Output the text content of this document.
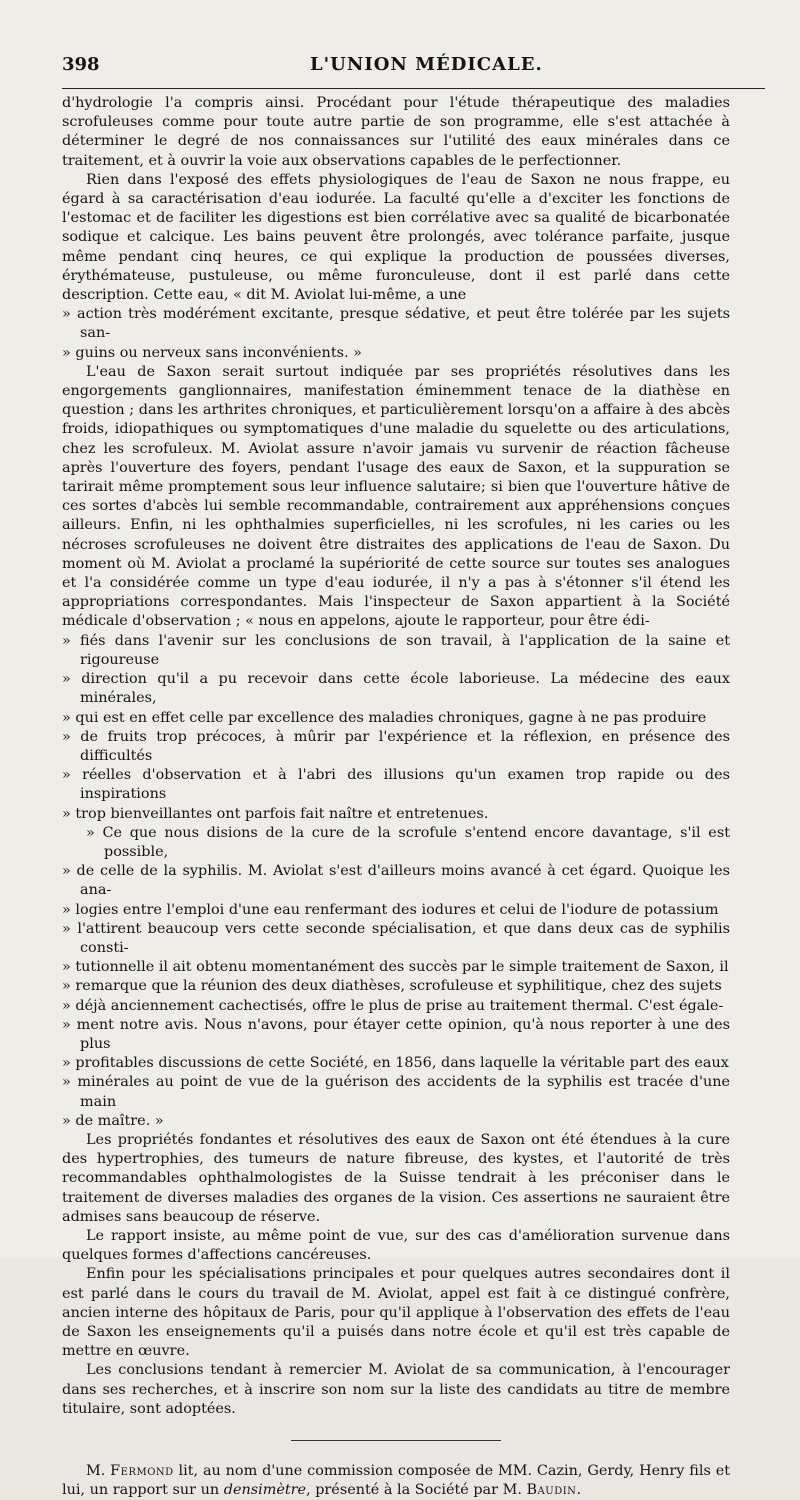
398	L'UNION MÉDICALE.

d'hydrologie l'a compris ainsi. Procédant pour l'étude thérapeutique des maladies scrofuleuses comme pour toute autre partie de son programme, elle s'est attachée à déterminer le degré de nos connaissances sur l'utilité des eaux minérales dans ce traitement, et à ouvrir la voie aux observations capables de le perfectionner.

Rien dans l'exposé des effets physiologiques de l'eau de Saxon ne nous frappe, eu égard à sa caractérisation d'eau iodurée. La faculté qu'elle a d'exciter les fonctions de l'estomac et de faciliter les digestions est bien corrélative avec sa qualité de bicarbonatée sodique et calcique. Les bains peuvent être prolongés, avec tolérance parfaite, jusque même pendant cinq heures, ce qui explique la production de poussées diverses, érythémateuse, pustuleuse, ou même furonculeuse, dont il est parlé dans cette description. Cette eau, « dit M. Aviolat lui-même, a une

» action très modérément excitante, presque sédative, et peut être tolérée par les sujets san-

» guins ou nerveux sans inconvénients. »

L'eau de Saxon serait surtout indiquée par ses propriétés résolutives dans les engorgements ganglionnaires, manifestation éminemment tenace de la diathèse en question ; dans les arthrites chroniques, et particulièrement lorsqu'on a affaire à des abcès froids, idiopathiques ou symptomatiques d'une maladie du squelette ou des articulations, chez les scrofuleux. M. Aviolat assure n'avoir jamais vu survenir de réaction fâcheuse après l'ouverture des foyers, pendant l'usage des eaux de Saxon, et la suppuration se tarirait même promptement sous leur influence salutaire; si bien que l'ouverture hâtive de ces sortes d'abcès lui semble recommandable, contrairement aux appréhensions conçues ailleurs. Enfin, ni les ophthalmies superficielles, ni les scrofules, ni les caries ou les nécroses scrofuleuses ne doivent être distraites des applications de l'eau de Saxon. Du moment où M. Aviolat a proclamé la supériorité de cette source sur toutes ses analogues et l'a considérée comme un type d'eau iodurée, il n'y a pas à s'étonner s'il étend les appropriations correspondantes. Mais l'inspecteur de Saxon appartient à la Société médicale d'observation ; « nous en appelons, ajoute le rapporteur, pour être édi-

» fiés dans l'avenir sur les conclusions de son travail, à l'application de la saine et rigoureuse

» direction qu'il a pu recevoir dans cette école laborieuse. La médecine des eaux minérales,

» qui est en effet celle par excellence des maladies chroniques, gagne à ne pas produire

» de fruits trop précoces, à mûrir par l'expérience et la réflexion, en présence des difficultés

» réelles d'observation et à l'abri des illusions qu'un examen trop rapide ou des inspirations

» trop bienveillantes ont parfois fait naître et entretenues.

» Ce que nous disions de la cure de la scrofule s'entend encore davantage, s'il est possible,

» de celle de la syphilis. M. Aviolat s'est d'ailleurs moins avancé à cet égard. Quoique les ana-

» logies entre l'emploi d'une eau renfermant des iodures et celui de l'iodure de potassium

» l'attirent beaucoup vers cette seconde spécialisation, et que dans deux cas de syphilis consti-

» tutionnelle il ait obtenu momentanément des succès par le simple traitement de Saxon, il

» remarque que la réunion des deux diathèses, scrofuleuse et syphilitique, chez des sujets

» déjà anciennement cachectisés, offre le plus de prise au traitement thermal. C'est égale-

» ment notre avis. Nous n'avons, pour étayer cette opinion, qu'à nous reporter à une des plus

» profitables discussions de cette Société, en 1856, dans laquelle la véritable part des eaux

» minérales au point de vue de la guérison des accidents de la syphilis est tracée d'une main

» de maître. »

Les propriétés fondantes et résolutives des eaux de Saxon ont été étendues à la cure des hypertrophies, des tumeurs de nature fibreuse, des kystes, et l'autorité de très recommandables ophthalmologistes de la Suisse tendrait à les préconiser dans le traitement de diverses maladies des organes de la vision. Ces assertions ne sauraient être admises sans beaucoup de réserve.

Le rapport insiste, au même point de vue, sur des cas d'amélioration survenue dans quelques formes d'affections cancéreuses.

Enfin pour les spécialisations principales et pour quelques autres secondaires dont il est parlé dans le cours du travail de M. Aviolat, appel est fait à ce distingué confrère, ancien interne des hôpitaux de Paris, pour qu'il applique à l'observation des effets de l'eau de Saxon les enseignements qu'il a puisés dans notre école et qu'il est très capable de mettre en œuvre.

Les conclusions tendant à remercier M. Aviolat de sa communication, à l'encourager dans ses recherches, et à inscrire son nom sur la liste des candidats au titre de membre titulaire, sont adoptées.

M. Fermond lit, au nom d'une commission composée de MM. Cazin, Gerdy, Henry fils et lui, un rapport sur un densimètre, présenté à la Société par M. Baudin.
